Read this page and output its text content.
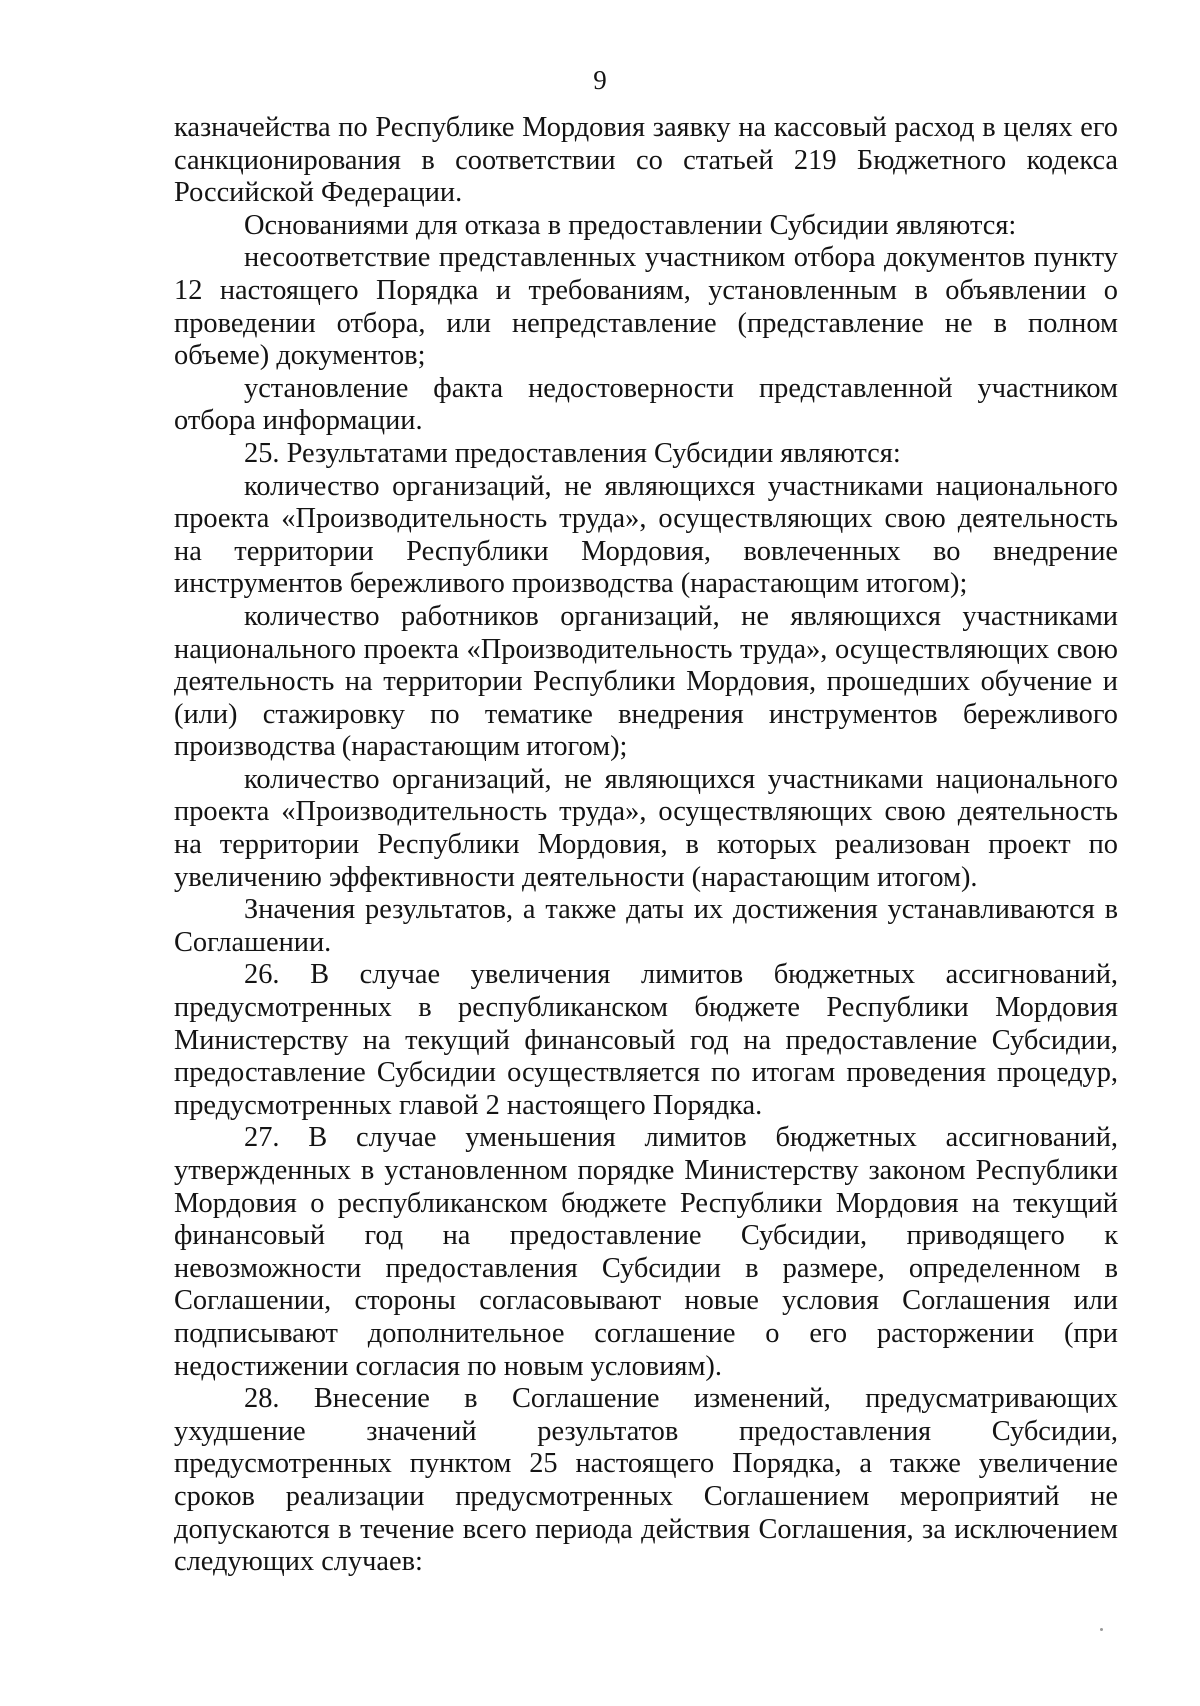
9

казначейства по Республике Мордовия заявку на кассовый расход в целях его санкционирования в соответствии со статьей 219 Бюджетного кодекса Российской Федерации.

Основаниями для отказа в предоставлении Субсидии являются:

несоответствие представленных участником отбора документов пункту 12 настоящего Порядка и требованиям, установленным в объявлении о проведении отбора, или непредставление (представление не в полном объеме) документов;

установление факта недостоверности представленной участником отбора информации.

25. Результатами предоставления Субсидии являются:

количество организаций, не являющихся участниками национального проекта «Производительность труда», осуществляющих свою деятельность на территории Республики Мордовия, вовлеченных во внедрение инструментов бережливого производства (нарастающим итогом);

количество работников организаций, не являющихся участниками национального проекта «Производительность труда», осуществляющих свою деятельность на территории Республики Мордовия, прошедших обучение и (или) стажировку по тематике внедрения инструментов бережливого производства (нарастающим итогом);

количество организаций, не являющихся участниками национального проекта «Производительность труда», осуществляющих свою деятельность на территории Республики Мордовия, в которых реализован проект по увеличению эффективности деятельности (нарастающим итогом).

Значения результатов, а также даты их достижения устанавливаются в Соглашении.

26. В случае увеличения лимитов бюджетных ассигнований, предусмотренных в республиканском бюджете Республики Мордовия Министерству на текущий финансовый год на предоставление Субсидии, предоставление Субсидии осуществляется по итогам проведения процедур, предусмотренных главой 2 настоящего Порядка.

27. В случае уменьшения лимитов бюджетных ассигнований, утвержденных в установленном порядке Министерству законом Республики Мордовия о республиканском бюджете Республики Мордовия на текущий финансовый год на предоставление Субсидии, приводящего к невозможности предоставления Субсидии в размере, определенном в Соглашении, стороны согласовывают новые условия Соглашения или подписывают дополнительное соглашение о его расторжении (при недостижении согласия по новым условиям).

28. Внесение в Соглашение изменений, предусматривающих ухудшение значений результатов предоставления Субсидии, предусмотренных пунктом 25 настоящего Порядка, а также увеличение сроков реализации предусмотренных Соглашением мероприятий не допускаются в течение всего периода действия Соглашения, за исключением следующих случаев:
